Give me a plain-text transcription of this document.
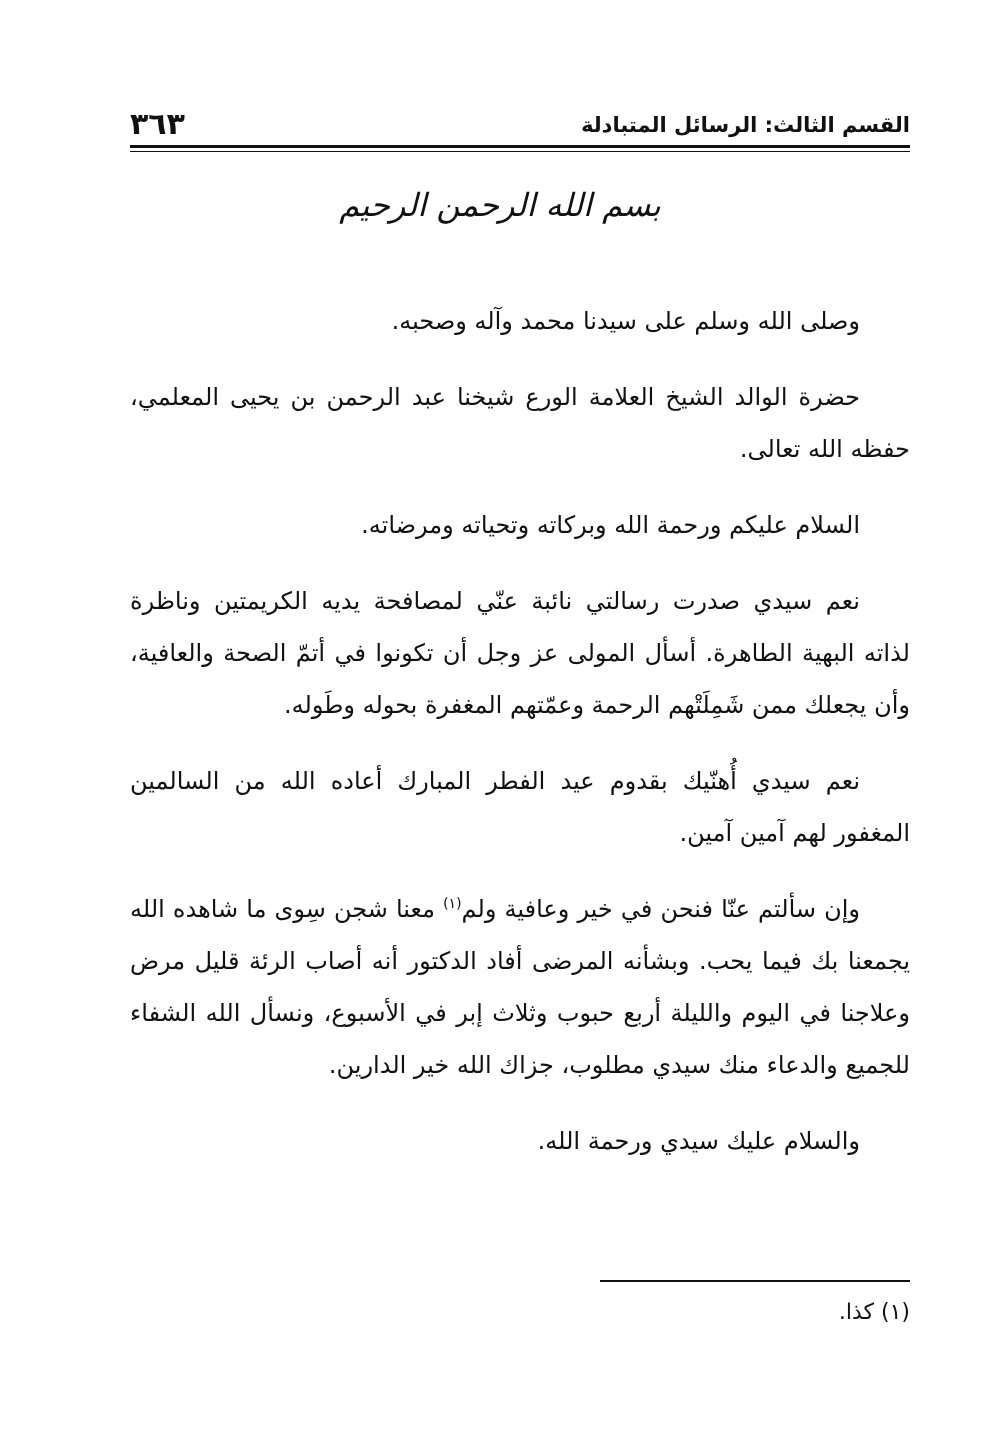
القسم الثالث: الرسائل المتبادلة
٣٦٣
بسم الله الرحمن الرحيم

وصلى الله وسلم على سيدنا محمد وآله وصحبه.

حضرة الوالد الشيخ العلامة الورع شيخنا عبد الرحمن بن يحيى المعلمي، حفظه الله تعالى.

السلام عليكم ورحمة الله وبركاته وتحياته ومرضاته.

نعم سيدي صدرت رسالتي نائبة عنّي لمصافحة يديه الكريمتين وناظرة لذاته البهية الطاهرة. أسأل المولى عز وجل أن تكونوا في أتمّ الصحة والعافية، وأن يجعلك ممن شَمِلَتْهم الرحمة وعمّتهم المغفرة بحوله وطَوله.

نعم سيدي أُهنّيك بقدوم عيد الفطر المبارك أعاده الله من السالمين المغفور لهم آمين آمين.

وإن سألتم عنّا فنحن في خير وعافية ولم$^{(١)}$ معنا شجن سِوى ما شاهده الله يجمعنا بك فيما يحب. وبشأنه المرضى أفاد الدكتور أنه أصاب الرئة قليل مرض وعلاجنا في اليوم والليلة أربع حبوب وثلاث إبر في الأسبوع، ونسأل الله الشفاء للجميع والدعاء منك سيدي مطلوب، جزاك الله خير الدارين.

والسلام عليك سيدي ورحمة الله.

(١) كذا.
